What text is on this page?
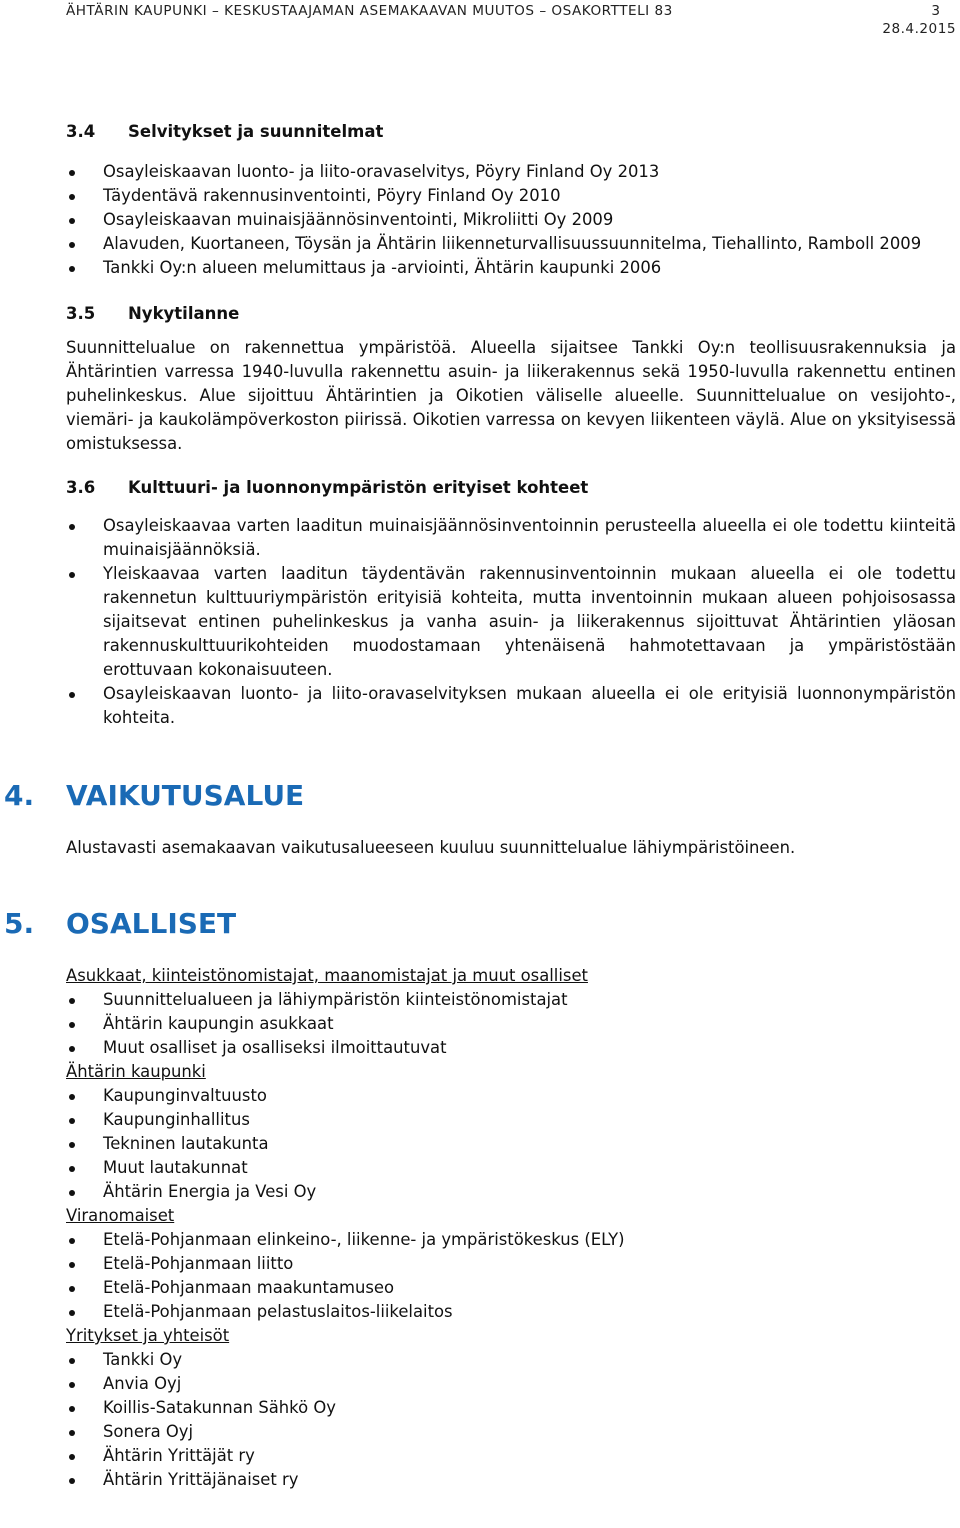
ÄHTÄRIN KAUPUNKI – KESKUSTAAJAMAN ASEMAKAAVAN MUUTOS – OSAKORTTELI 83	3
28.4.2015
3.4 Selvitykset ja suunnitelmat
Osayleiskaavan luonto- ja liito-oravaselvitys, Pöyry Finland Oy 2013
Täydentävä rakennusinventointi, Pöyry Finland Oy 2010
Osayleiskaavan muinaisjäännösinventointi, Mikroliitti Oy 2009
Alavuden, Kuortaneen, Töysän ja Ähtärin liikenneturvallisuussuunnitelma, Tiehallinto, Ramboll 2009
Tankki Oy:n alueen melumittaus ja -arviointi, Ähtärin kaupunki 2006
3.5 Nykytilanne

Suunnittelualue on rakennettua ympäristöä. Alueella sijaitsee Tankki Oy:n teollisuusrakennuksia ja Ähtärintien varressa 1940-luvulla rakennettu asuin- ja liikerakennus sekä 1950-luvulla rakennettu entinen puhelinkeskus. Alue sijoittuu Ähtärintien ja Oikotien väliselle alueelle. Suunnittelualue on vesijohto-, viemäri- ja kaukolämpöverkoston piirissä. Oikotien varressa on kevyen liikenteen väylä. Alue on yksityisessä omistuksessa.

3.6 Kulttuuri- ja luonnonympäristön erityiset kohteet
Osayleiskaavaa varten laaditun muinaisjäännösinventoinnin perusteella alueella ei ole todettu kiinteitä muinaisjäännöksiä.
Yleiskaavaa varten laaditun täydentävän rakennusinventoinnin mukaan alueella ei ole todettu rakennetun kulttuuriympäristön erityisiä kohteita, mutta inventoinnin mukaan alueen pohjoisosassa sijaitsevat entinen puhelinkeskus ja vanha asuin- ja liikerakennus sijoittuvat Ähtärintien yläosan rakennuskulttuurikohteiden muodostamaan yhtenäisenä hahmotettavaan ja ympäristöstään erottuvaan kokonaisuuteen.
Osayleiskaavan luonto- ja liito-oravaselvityksen mukaan alueella ei ole erityisiä luonnonympäristön kohteita.
4. VAIKUTUSALUE

Alustavasti asemakaavan vaikutusalueeseen kuuluu suunnittelualue lähiympäristöineen.

5. OSALLISET

Asukkaat, kiinteistönomistajat, maanomistajat ja muut osalliset

Suunnittelualueen ja lähiympäristön kiinteistönomistajat
Ähtärin kaupungin asukkaat
Muut osalliset ja osalliseksi ilmoittautuvat

Ähtärin kaupunki

Kaupunginvaltuusto
Kaupunginhallitus
Tekninen lautakunta
Muut lautakunnat
Ähtärin Energia ja Vesi Oy

Viranomaiset

Etelä-Pohjanmaan elinkeino-, liikenne- ja ympäristökeskus (ELY)
Etelä-Pohjanmaan liitto
Etelä-Pohjanmaan maakuntamuseo
Etelä-Pohjanmaan pelastuslaitos-liikelaitos

Yritykset ja yhteisöt

Tankki Oy
Anvia Oyj
Koillis-Satakunnan Sähkö Oy
Sonera Oyj
Ähtärin Yrittäjät ry
Ähtärin Yrittäjänaiset ry
